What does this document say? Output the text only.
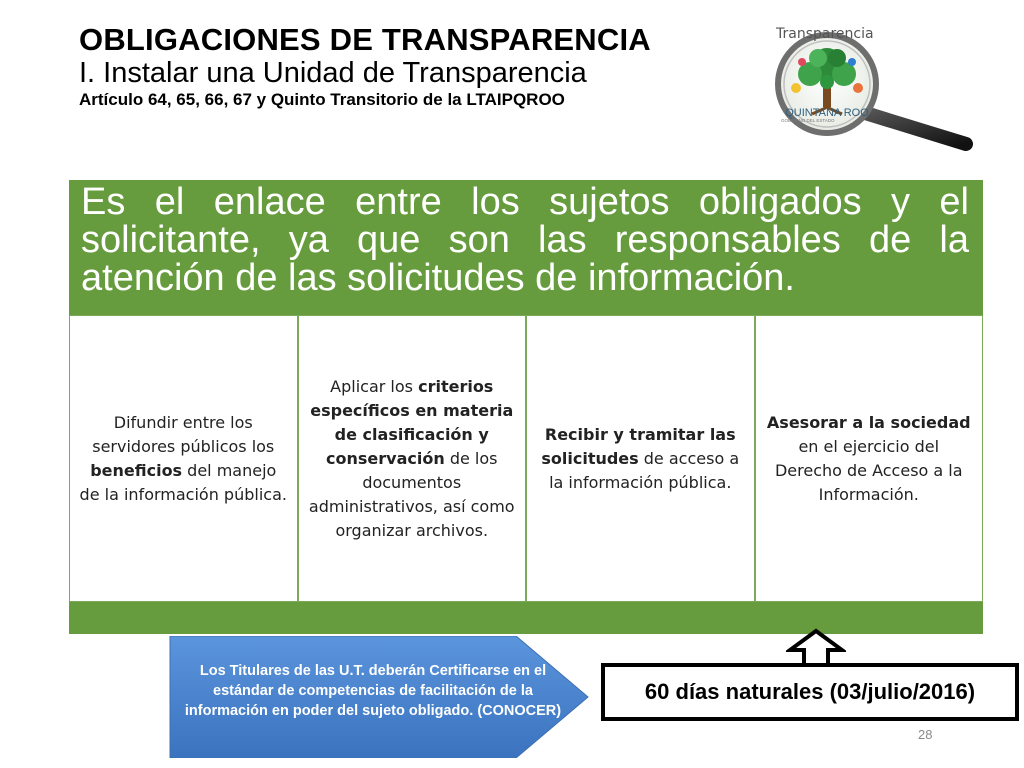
OBLIGACIONES DE TRANSPARENCIA
I. Instalar una Unidad de Transparencia
Artículo 64, 65, 66, 67 y Quinto Transitorio de la LTAIPQROO
QUINTANA ROO
GOBIERNO DEL ESTADO
Transparencia
Es el enlace entre los sujetos obligados y el solicitante, ya que son las responsables de la atención de las solicitudes de información.
Difundir entre los servidores públicos los beneficios del manejo de la información pública.
Aplicar los criterios específicos en materia de clasificación y conservación de los documentos administrativos, así como organizar archivos.
Recibir y tramitar las solicitudes de acceso a la información pública.
Asesorar a la sociedad en el ejercicio del Derecho de Acceso a la Información.
Los Titulares de las U.T. deberán Certificarse en el estándar de competencias de facilitación de la información en poder del sujeto obligado. (CONOCER)
60 días naturales (03/julio/2016)
28
